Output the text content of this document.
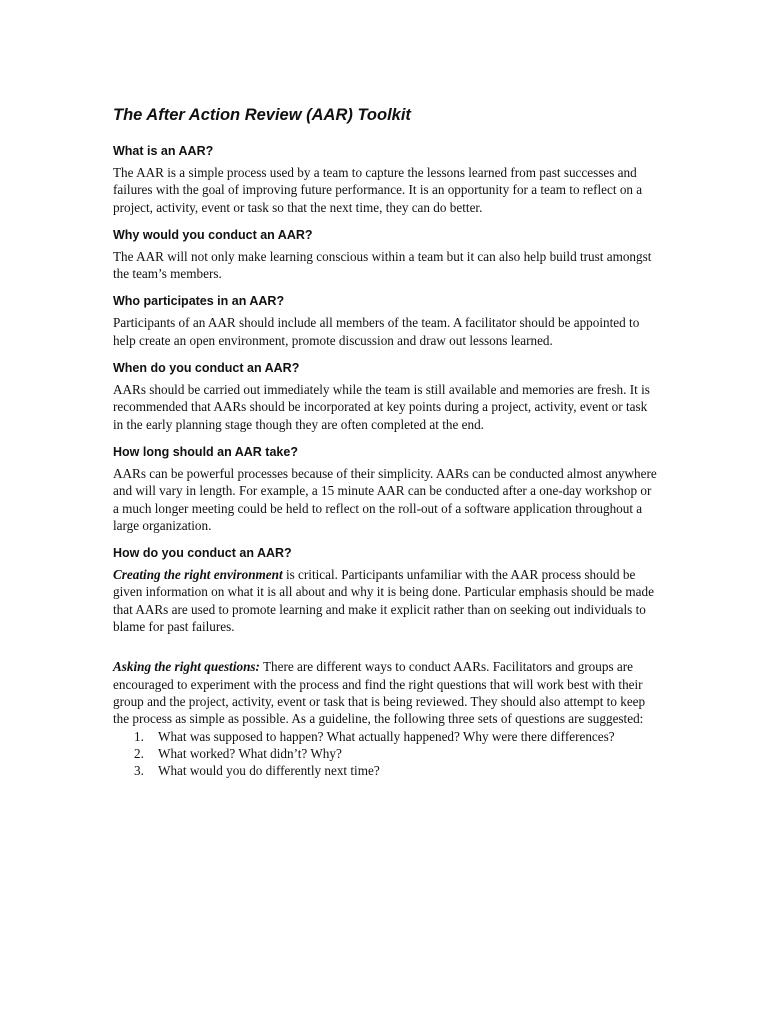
The After Action Review (AAR) Toolkit
What is an AAR?

The AAR is a simple process used by a team to capture the lessons learned from past successes and failures with the goal of improving future performance. It is an opportunity for a team to reflect on a project, activity, event or task so that the next time, they can do better.

Why would you conduct an AAR?

The AAR will not only make learning conscious within a team but it can also help build trust amongst the team’s members.

Who participates in an AAR?

Participants of an AAR should include all members of the team. A facilitator should be appointed to help create an open environment, promote discussion and draw out lessons learned.

When do you conduct an AAR?

AARs should be carried out immediately while the team is still available and memories are fresh. It is recommended that AARs should be incorporated at key points during a project, activity, event or task in the early planning stage though they are often completed at the end.

How long should an AAR take?

AARs can be powerful processes because of their simplicity. AARs can be conducted almost anywhere and will vary in length. For example, a 15 minute AAR can be conducted after a one-day workshop or a much longer meeting could be held to reflect on the roll-out of a software application throughout a large organization.

How do you conduct an AAR?

Creating the right environment is critical. Participants unfamiliar with the AAR process should be given information on what it is all about and why it is being done. Particular emphasis should be made that AARs are used to promote learning and make it explicit rather than on seeking out individuals to blame for past failures.

Asking the right questions: There are different ways to conduct AARs. Facilitators and groups are encouraged to experiment with the process and find the right questions that will work best with their group and the project, activity, event or task that is being reviewed. They should also attempt to keep the process as simple as possible. As a guideline, the following three sets of questions are suggested:

1.	What was supposed to happen? What actually happened? Why were there differences?
2.	What worked? What didn’t? Why?
3.	What would you do differently next time?
